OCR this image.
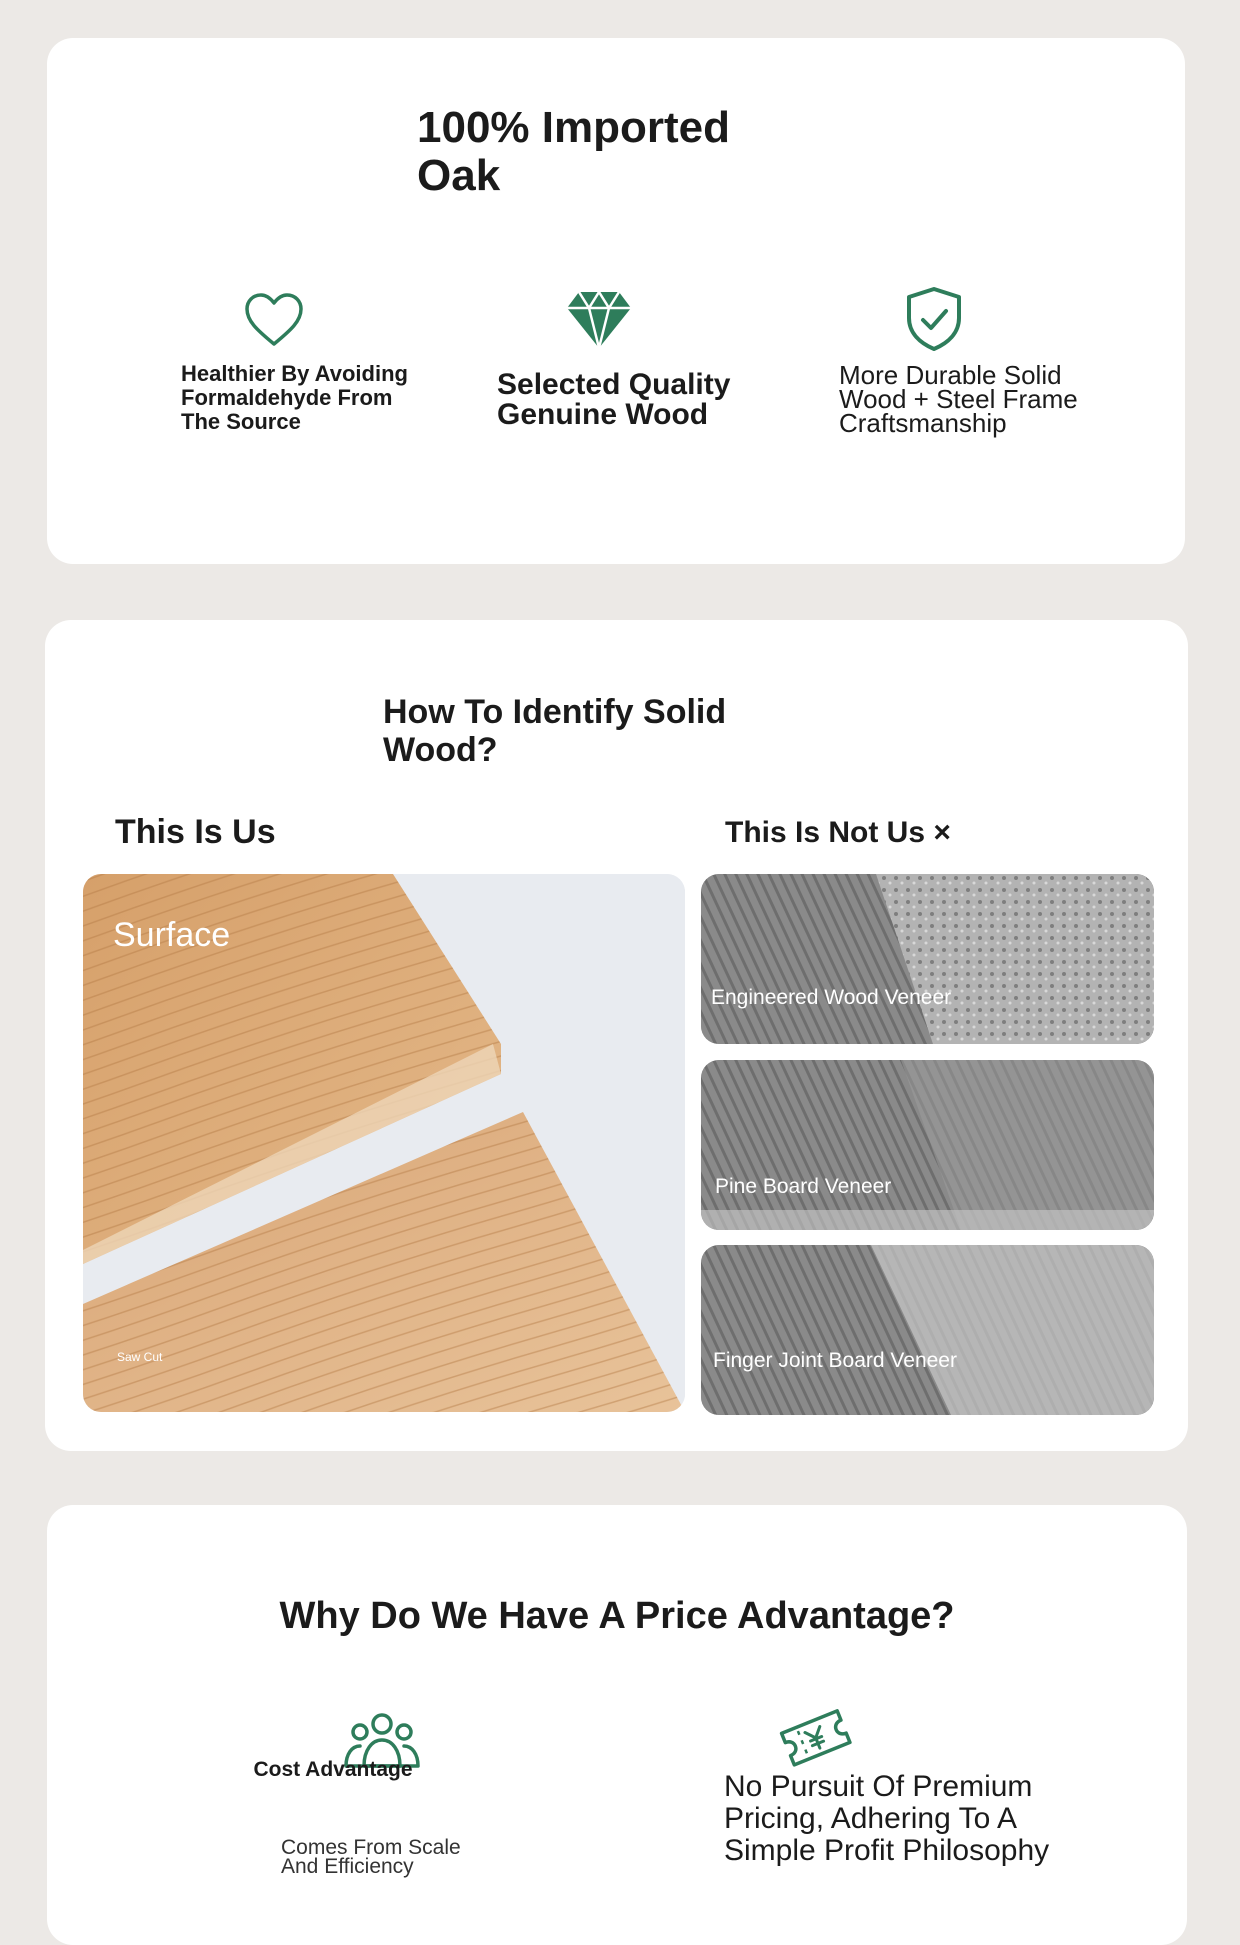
100% Imported Oak
Healthier By Avoiding Formaldehyde From The Source
Selected Quality Genuine Wood
More Durable Solid Wood + Steel Frame Craftsmanship
How To Identify Solid Wood?
This Is Us	This Is Not Us ×
Surface
Saw Cut
Engineered Wood Veneer
Pine Board Veneer
Finger Joint Board Veneer
Why Do We Have A Price Advantage?
Cost Advantage
Comes From Scale And Efficiency
No Pursuit Of Premium Pricing, Adhering To A Simple Profit Philosophy
